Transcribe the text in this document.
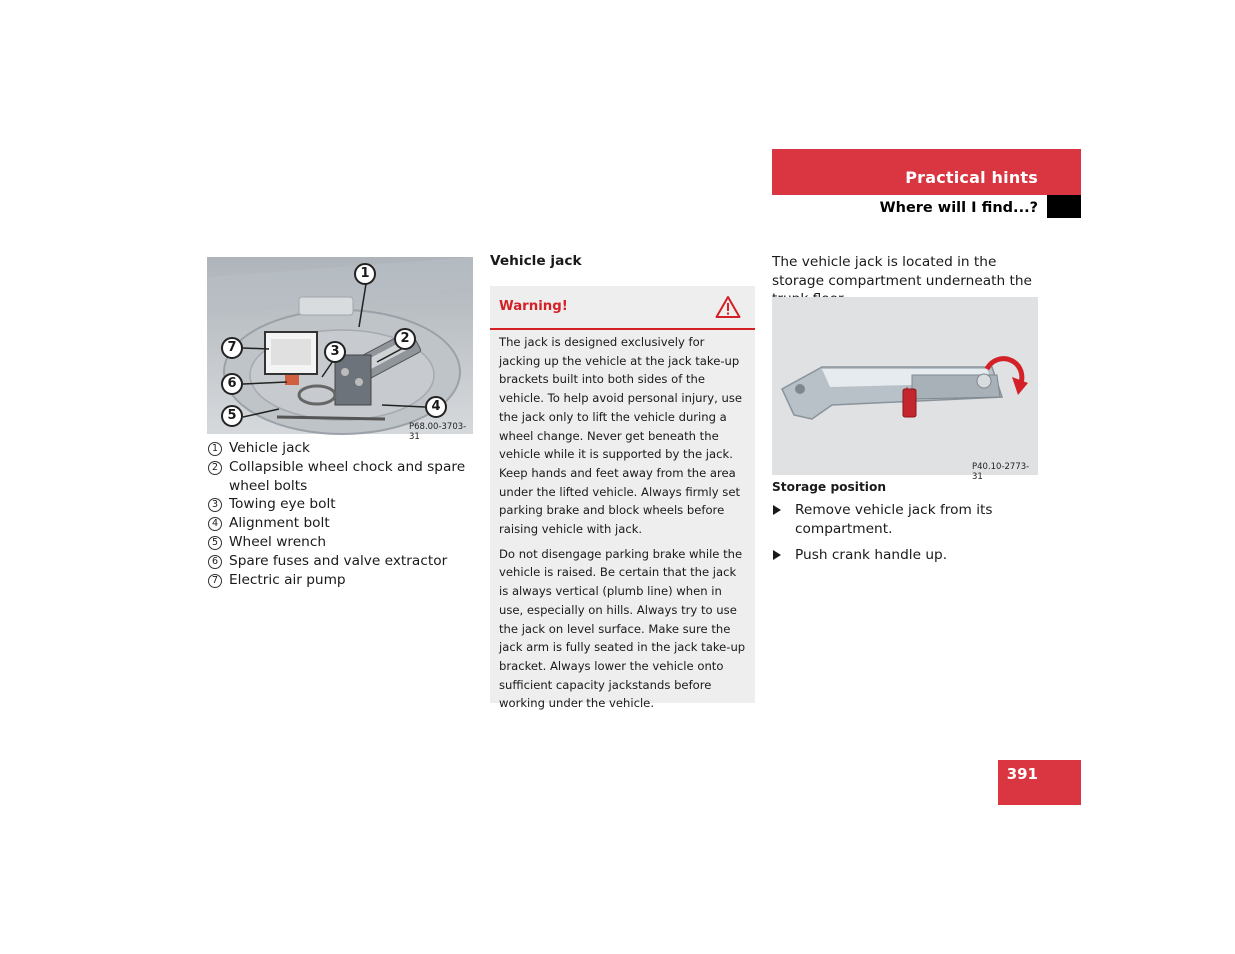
Practical hints
Where will I find...?
1
2
3
4
5
6
7
P68.00-3703-31
1 Vehicle jack
2 Collapsible wheel chock and spare wheel bolts
3 Towing eye bolt
4 Alignment bolt
5 Wheel wrench
6 Spare fuses and valve extractor
7 Electric air pump
Vehicle jack
Warning!

The jack is designed exclusively for jacking up the vehicle at the jack take-up brackets built into both sides of the vehicle. To help avoid personal injury, use the jack only to lift the vehicle during a wheel change. Never get beneath the vehicle while it is supported by the jack. Keep hands and feet away from the area under the lifted vehicle. Always firmly set parking brake and block wheels before raising vehicle with jack.

Do not disengage parking brake while the vehicle is raised. Be certain that the jack is always vertical (plumb line) when in use, especially on hills. Always try to use the jack on level surface. Make sure the jack arm is fully seated in the jack take-up bracket. Always lower the vehicle onto sufficient capacity jackstands before working under the vehicle.

The vehicle jack is located in the storage compartment underneath the
P40.10-2773-31
Storage position
Remove vehicle jack from its compartment.
Push crank handle up.
391
